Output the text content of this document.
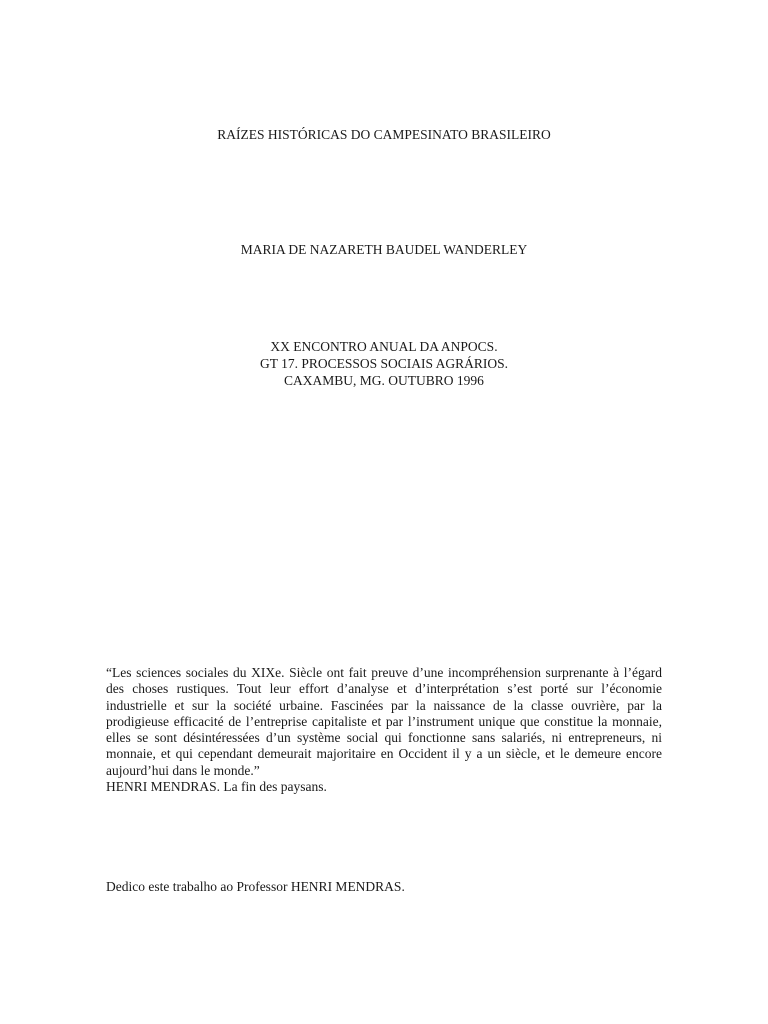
RAÍZES HISTÓRICAS DO CAMPESINATO BRASILEIRO
MARIA DE NAZARETH BAUDEL WANDERLEY
XX ENCONTRO ANUAL DA ANPOCS.
GT 17. PROCESSOS SOCIAIS AGRÁRIOS.
CAXAMBU, MG. OUTUBRO 1996

“Les sciences sociales du XIXe. Siècle ont fait preuve d’une incompréhension surprenante à l’égard des choses rustiques. Tout leur effort d’analyse et d’interprétation s’est porté sur l’économie industrielle et sur la société urbaine. Fascinées par la naissance de la classe ouvrière, par la prodigieuse efficacité de l’entreprise capitaliste et par l’instrument unique que constitue la monnaie, elles se sont désintéressées d’un système social qui fonctionne sans salariés, ni entrepreneurs, ni monnaie, et qui cependant demeurait majoritaire en Occident il y a un siècle, et le demeure encore aujourd’hui dans le monde.”

HENRI MENDRAS. La fin des paysans.

Dedico este trabalho ao Professor HENRI MENDRAS.
